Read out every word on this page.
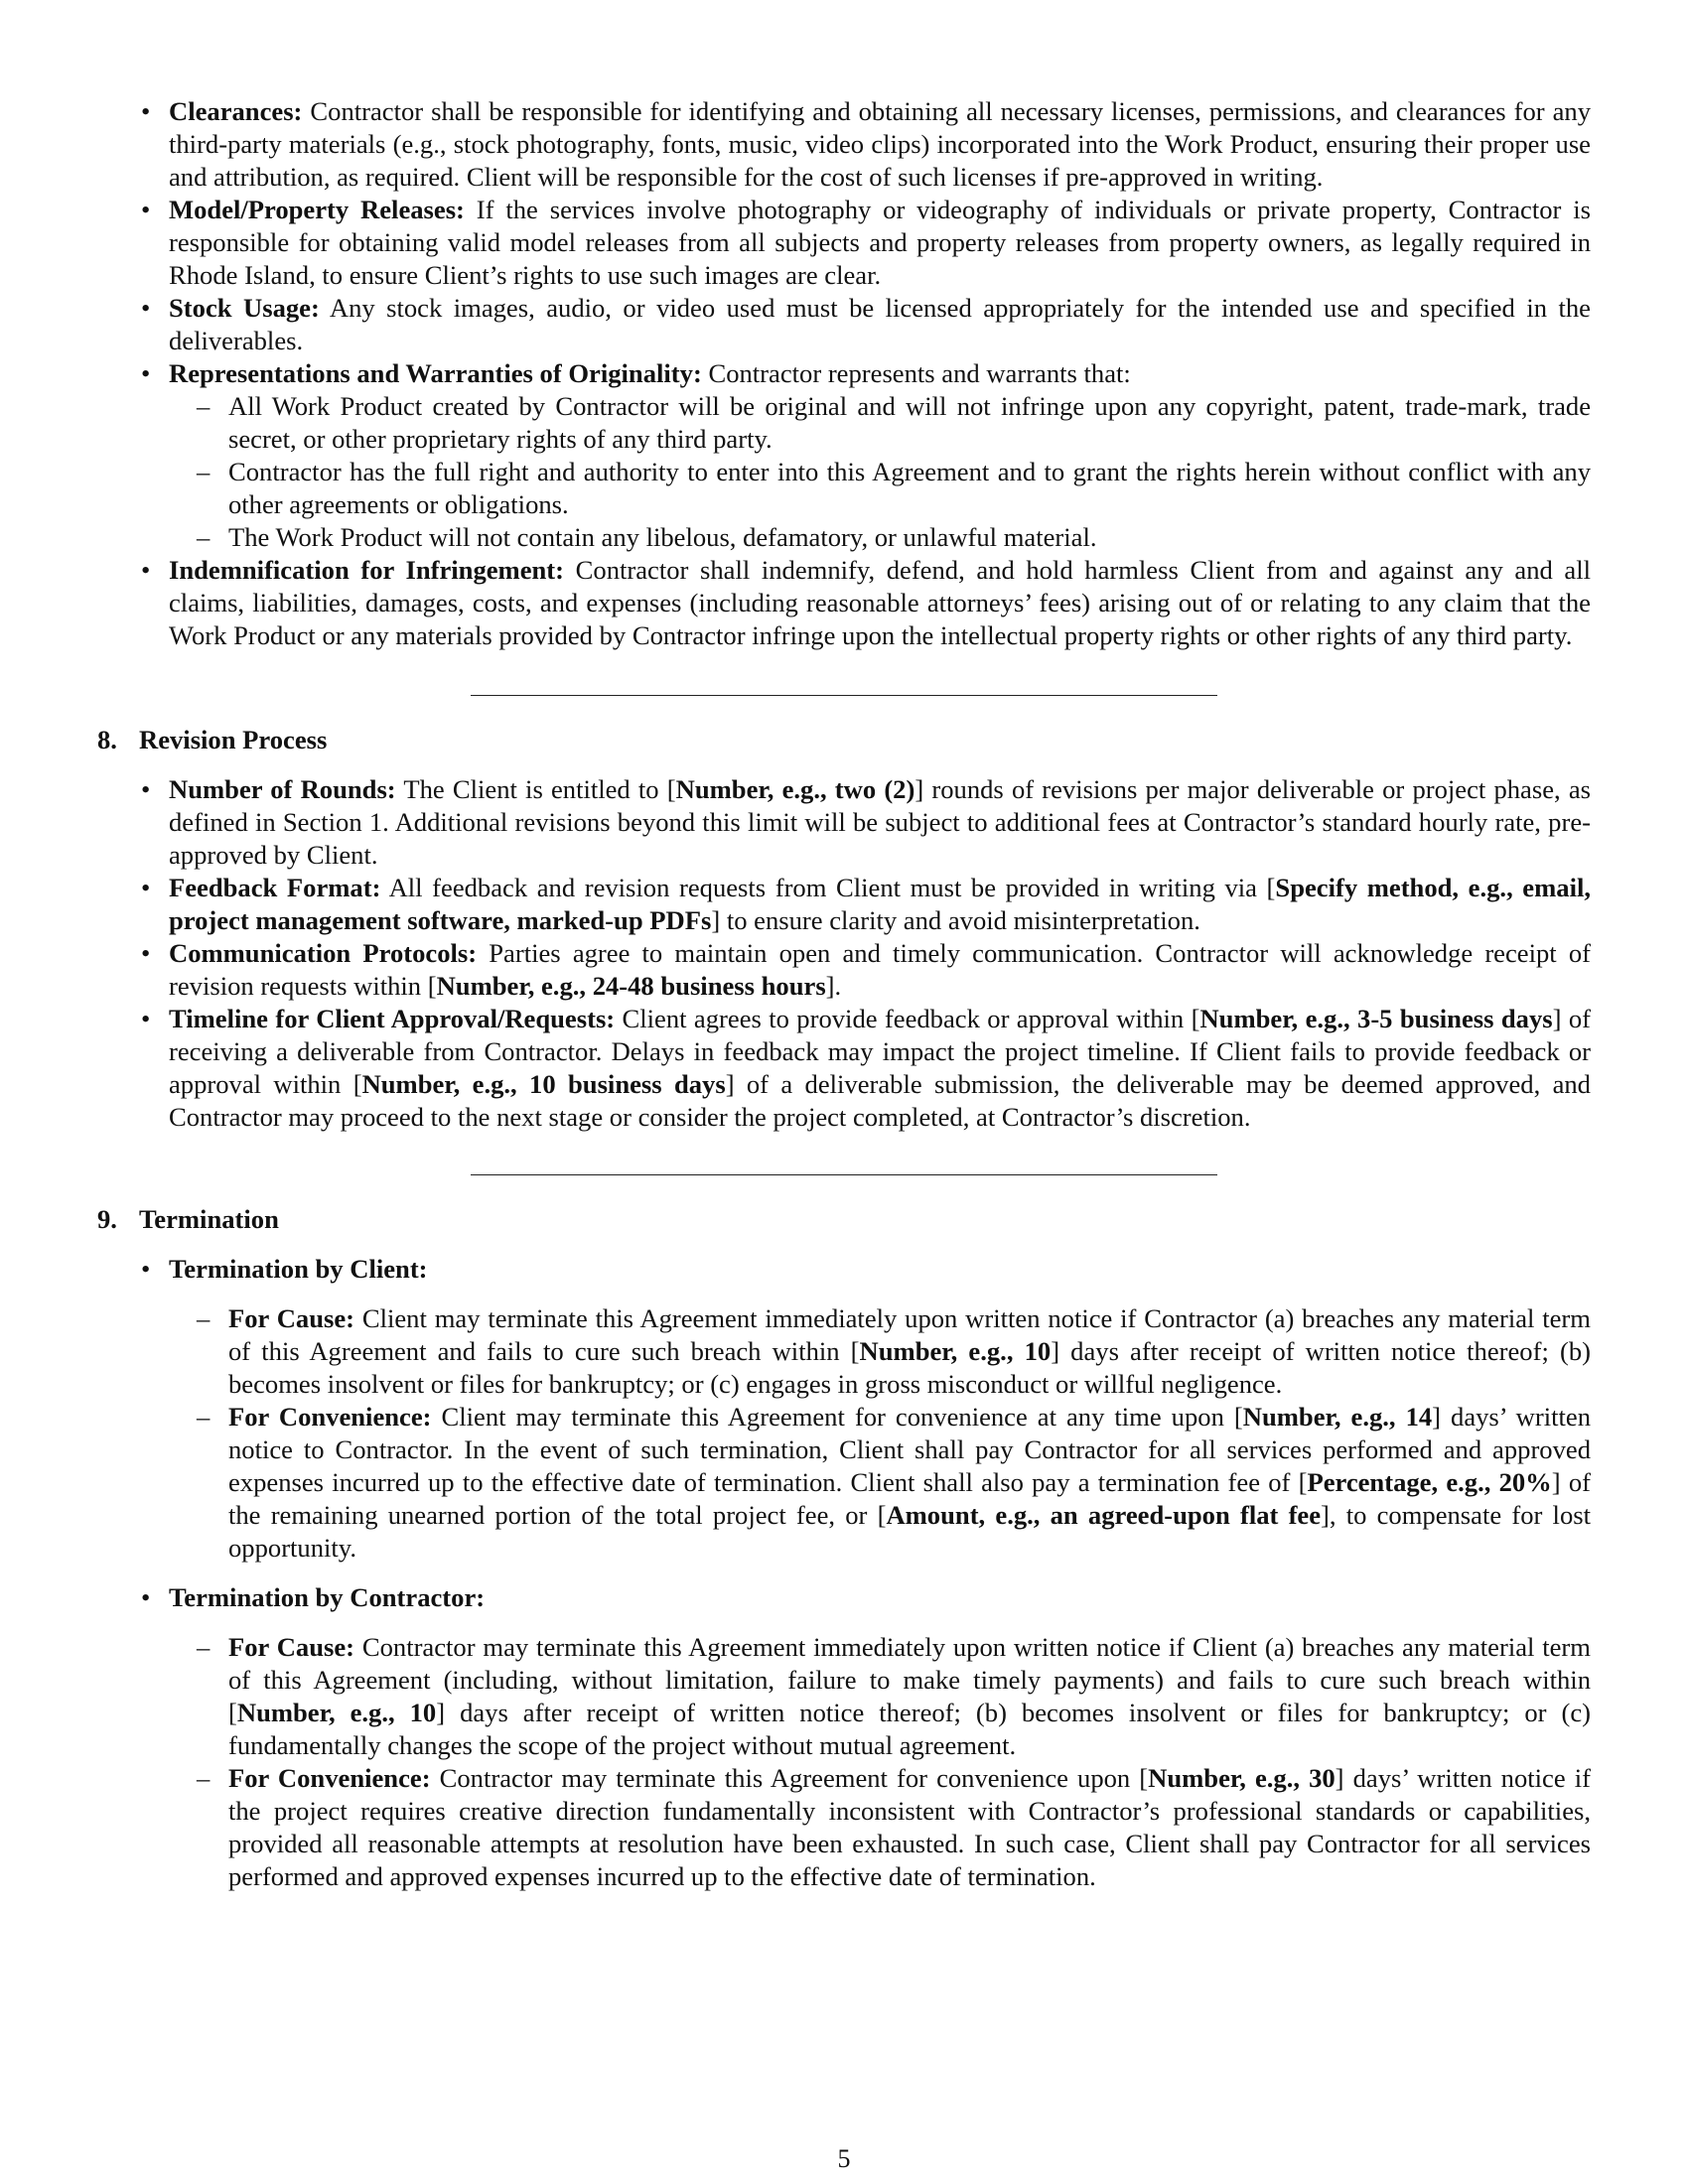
• Clearances: Contractor shall be responsible for identifying and obtaining all necessary licenses, permissions, and clearances for any third-party materials (e.g., stock photography, fonts, music, video clips) incorporated into the Work Product, ensuring their proper use and attribution, as required. Client will be responsible for the cost of such licenses if pre-approved in writing.
• Model/Property Releases: If the services involve photography or videography of individuals or private property, Contractor is responsible for obtaining valid model releases from all subjects and property releases from property owners, as legally required in Rhode Island, to ensure Client’s rights to use such images are clear.
• Stock Usage: Any stock images, audio, or video used must be licensed appropriately for the intended use and specified in the deliverables.
• Representations and Warranties of Originality: Contractor represents and warrants that:
– All Work Product created by Contractor will be original and will not infringe upon any copyright, patent, trade-mark, trade secret, or other proprietary rights of any third party.
– Contractor has the full right and authority to enter into this Agreement and to grant the rights herein without conflict with any other agreements or obligations.
– The Work Product will not contain any libelous, defamatory, or unlawful material.
• Indemnification for Infringement: Contractor shall indemnify, defend, and hold harmless Client from and against any and all claims, liabilities, damages, costs, and expenses (including reasonable attorneys’ fees) arising out of or relating to any claim that the Work Product or any materials provided by Contractor infringe upon the intellectual property rights or other rights of any third party.
8. Revision Process
• Number of Rounds: The Client is entitled to [Number, e.g., two (2)] rounds of revisions per major deliverable or project phase, as defined in Section 1. Additional revisions beyond this limit will be subject to additional fees at Contractor’s standard hourly rate, pre-approved by Client.
• Feedback Format: All feedback and revision requests from Client must be provided in writing via [Specify method, e.g., email, project management software, marked-up PDFs] to ensure clarity and avoid misinterpretation.
• Communication Protocols: Parties agree to maintain open and timely communication. Contractor will acknowledge receipt of revision requests within [Number, e.g., 24-48 business hours].
• Timeline for Client Approval/Requests: Client agrees to provide feedback or approval within [Number, e.g., 3-5 business days] of receiving a deliverable from Contractor. Delays in feedback may impact the project timeline. If Client fails to provide feedback or approval within [Number, e.g., 10 business days] of a deliverable submission, the deliverable may be deemed approved, and Contractor may proceed to the next stage or consider the project completed, at Contractor’s discretion.
9. Termination
• Termination by Client:
– For Cause: Client may terminate this Agreement immediately upon written notice if Contractor (a) breaches any material term of this Agreement and fails to cure such breach within [Number, e.g., 10] days after receipt of written notice thereof; (b) becomes insolvent or files for bankruptcy; or (c) engages in gross misconduct or willful negligence.
– For Convenience: Client may terminate this Agreement for convenience at any time upon [Number, e.g., 14] days’ written notice to Contractor. In the event of such termination, Client shall pay Contractor for all services performed and approved expenses incurred up to the effective date of termination. Client shall also pay a termination fee of [Percentage, e.g., 20%] of the remaining unearned portion of the total project fee, or [Amount, e.g., an agreed-upon flat fee], to compensate for lost opportunity.
• Termination by Contractor:
– For Cause: Contractor may terminate this Agreement immediately upon written notice if Client (a) breaches any material term of this Agreement (including, without limitation, failure to make timely payments) and fails to cure such breach within [Number, e.g., 10] days after receipt of written notice thereof; (b) becomes insolvent or files for bankruptcy; or (c) fundamentally changes the scope of the project without mutual agreement.
– For Convenience: Contractor may terminate this Agreement for convenience upon [Number, e.g., 30] days’ written notice if the project requires creative direction fundamentally inconsistent with Contractor’s professional standards or capabilities, provided all reasonable attempts at resolution have been exhausted. In such case, Client shall pay Contractor for all services performed and approved expenses incurred up to the effective date of termination.
5
